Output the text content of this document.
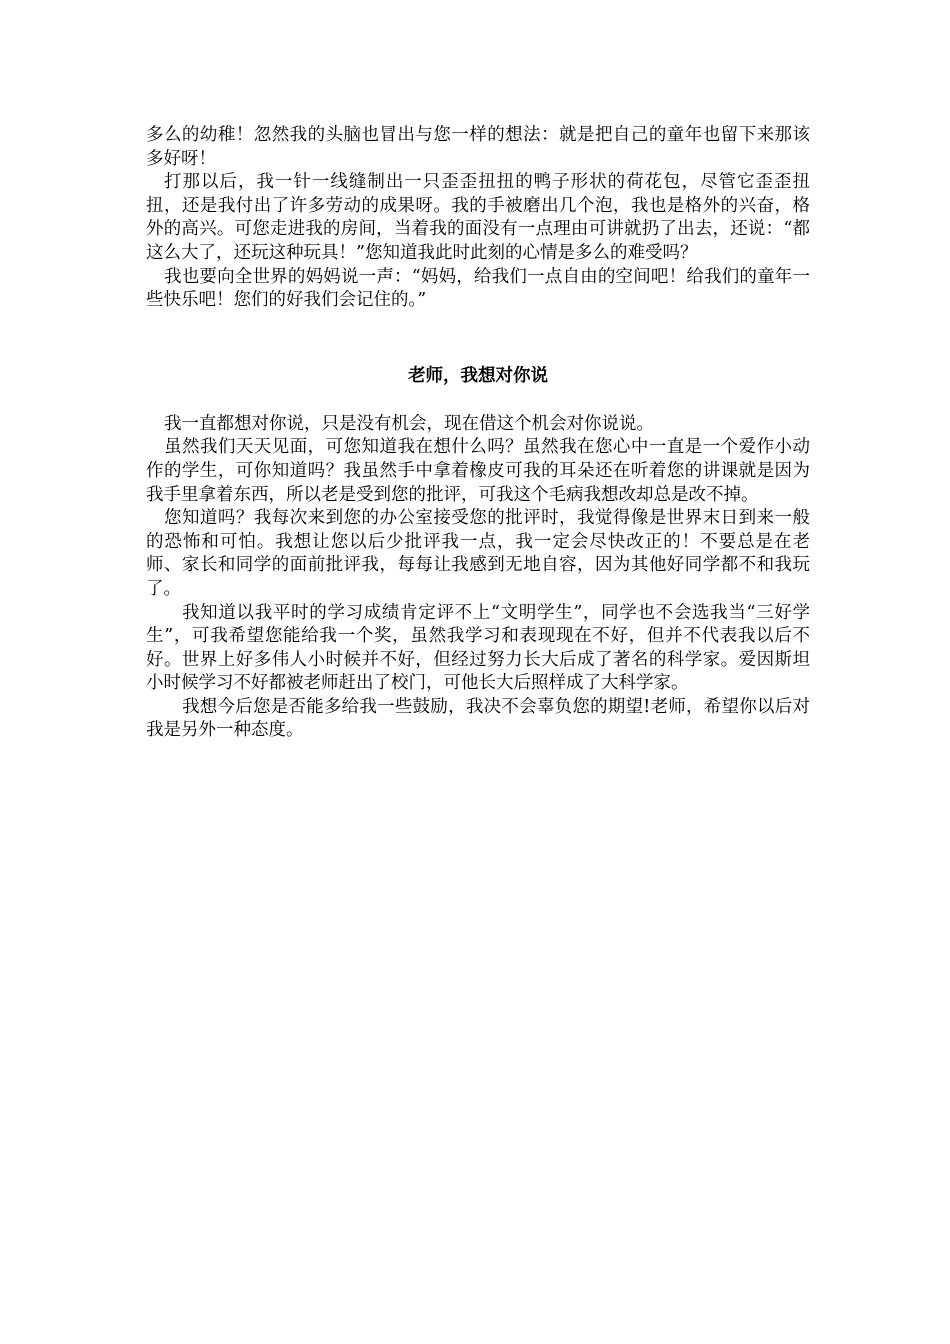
多么的幼稚！忽然我的头脑也冒出与您一样的想法：就是把自己的童年也留下来那该多好呀！

打那以后，我一针一线缝制出一只歪歪扭扭的鸭子形状的荷花包，尽管它歪歪扭扭，还是我付出了许多劳动的成果呀。我的手被磨出几个泡，我也是格外的兴奋，格外的高兴。可您走进我的房间，当着我的面没有一点理由可讲就扔了出去，还说：“都这么大了，还玩这种玩具！”您知道我此时此刻的心情是多么的难受吗？

我也要向全世界的妈妈说一声：“妈妈，给我们一点自由的空间吧！给我们的童年一些快乐吧！您们的好我们会记住的。”

老师，我想对你说

我一直都想对你说，只是没有机会，现在借这个机会对你说说。

虽然我们天天见面，可您知道我在想什么吗？虽然我在您心中一直是一个爱作小动作的学生，可你知道吗？我虽然手中拿着橡皮可我的耳朵还在听着您的讲课就是因为我手里拿着东西，所以老是受到您的批评，可我这个毛病我想改却总是改不掉。

您知道吗？我每次来到您的办公室接受您的批评时，我觉得像是世界末日到来一般的恐怖和可怕。我想让您以后少批评我一点，我一定会尽快改正的！不要总是在老师、家长和同学的面前批评我，每每让我感到无地自容，因为其他好同学都不和我玩了。

我知道以我平时的学习成绩肯定评不上“文明学生”，同学也不会选我当“三好学生”，可我希望您能给我一个奖，虽然我学习和表现现在不好，但并不代表我以后不好。世界上好多伟人小时候并不好，但经过努力长大后成了著名的科学家。爱因斯坦小时候学习不好都被老师赶出了校门，可他长大后照样成了大科学家。

我想今后您是否能多给我一些鼓励，我决不会辜负您的期望!老师，希望你以后对我是另外一种态度。
